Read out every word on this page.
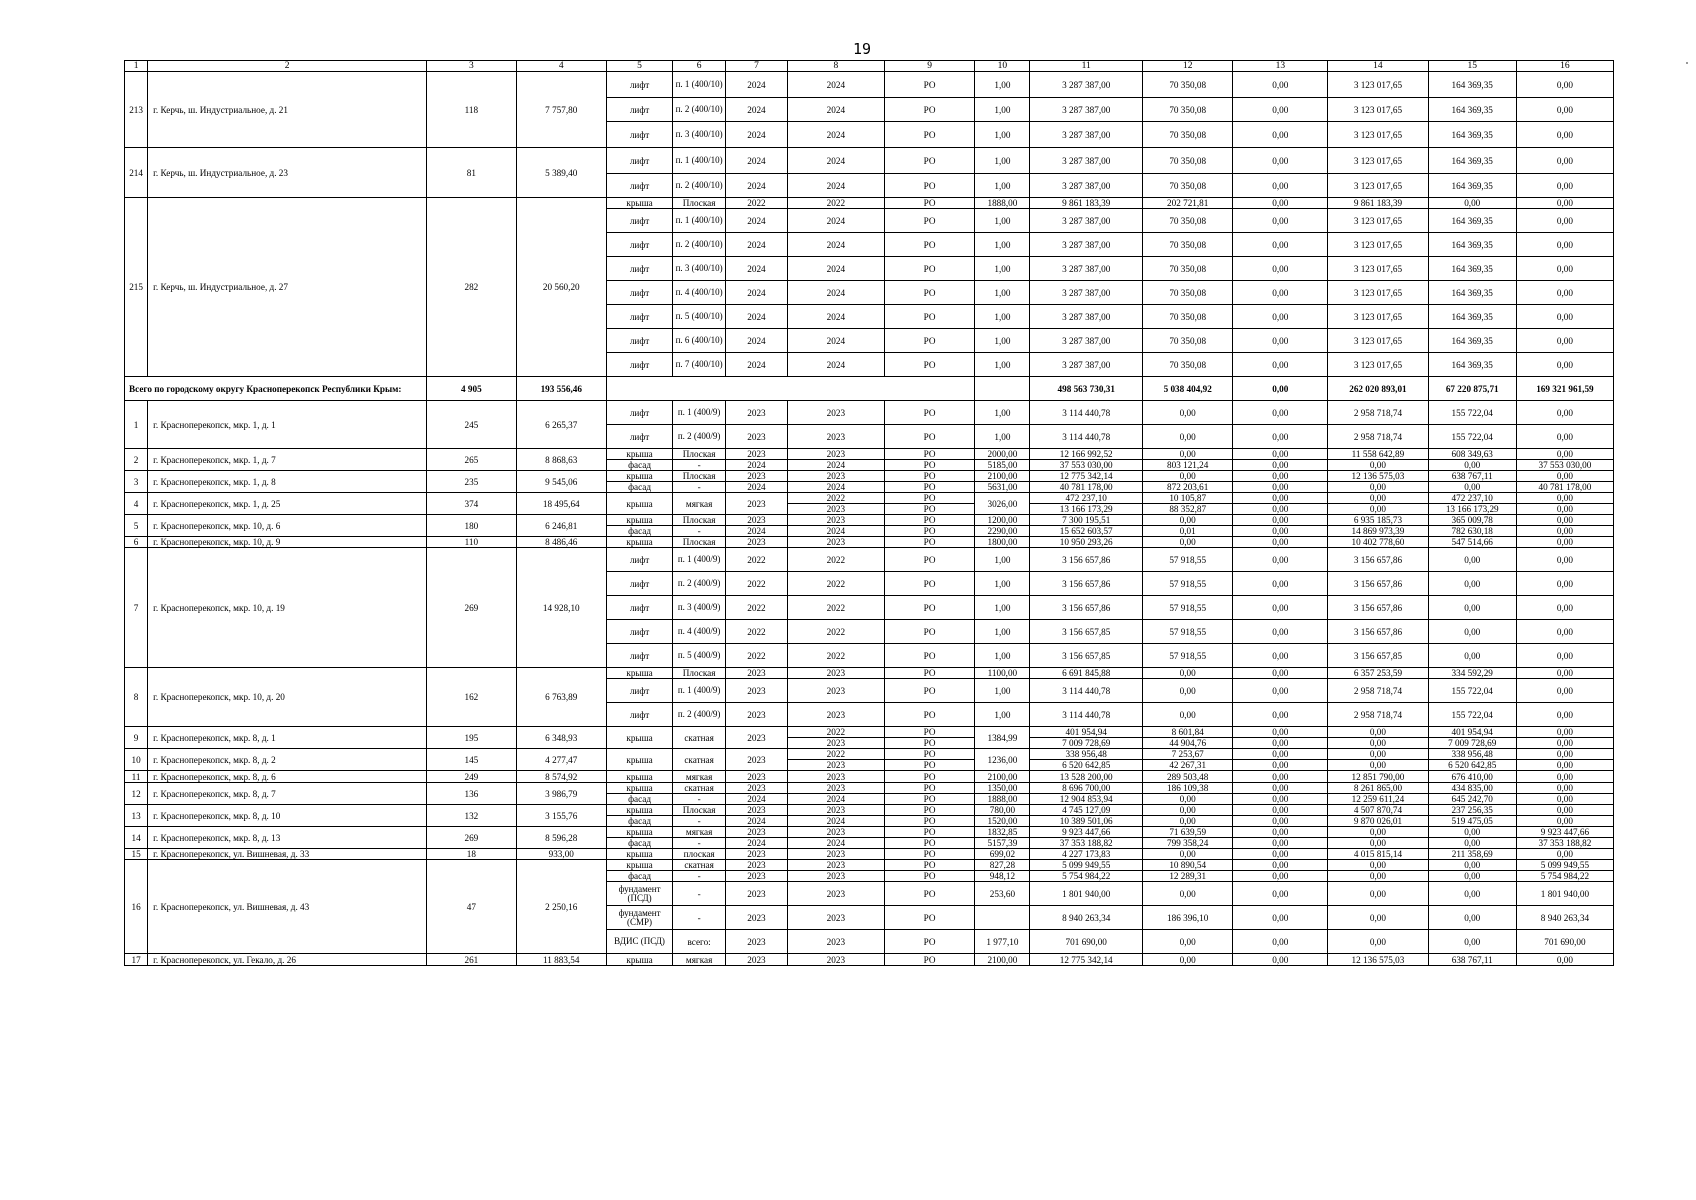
19
1	2	3	4	5	6	7	8	9	10	11	12	13	14	15	16
213	г. Керчь, ш. Индустриальное, д. 21	118	7 757,80	лифт	п. 1 (400/10)	2024	2024	РО	1,00	3 287 387,00	70 350,08	0,00	3 123 017,65	164 369,35	0,00
				лифт	п. 2 (400/10)	2024	2024	РО	1,00	3 287 387,00	70 350,08	0,00	3 123 017,65	164 369,35	0,00
				лифт	п. 3 (400/10)	2024	2024	РО	1,00	3 287 387,00	70 350,08	0,00	3 123 017,65	164 369,35	0,00
214	г. Керчь, ш. Индустриальное, д. 23	81	5 389,40	лифт	п. 1 (400/10)	2024	2024	РО	1,00	3 287 387,00	70 350,08	0,00	3 123 017,65	164 369,35	0,00
				лифт	п. 2 (400/10)	2024	2024	РО	1,00	3 287 387,00	70 350,08	0,00	3 123 017,65	164 369,35	0,00
215	г. Керчь, ш. Индустриальное, д. 27	282	20 560,20	крыша	Плоская	2022	2022	РО	1888,00	9 861 183,39	202 721,81	0,00	9 861 183,39	0,00	0,00
				лифт	п. 1 (400/10)	2024	2024	РО	1,00	3 287 387,00	70 350,08	0,00	3 123 017,65	164 369,35	0,00
				лифт	п. 2 (400/10)	2024	2024	РО	1,00	3 287 387,00	70 350,08	0,00	3 123 017,65	164 369,35	0,00
				лифт	п. 3 (400/10)	2024	2024	РО	1,00	3 287 387,00	70 350,08	0,00	3 123 017,65	164 369,35	0,00
				лифт	п. 4 (400/10)	2024	2024	РО	1,00	3 287 387,00	70 350,08	0,00	3 123 017,65	164 369,35	0,00
				лифт	п. 5 (400/10)	2024	2024	РО	1,00	3 287 387,00	70 350,08	0,00	3 123 017,65	164 369,35	0,00
				лифт	п. 6 (400/10)	2024	2024	РО	1,00	3 287 387,00	70 350,08	0,00	3 123 017,65	164 369,35	0,00
				лифт	п. 7 (400/10)	2024	2024	РО	1,00	3 287 387,00	70 350,08	0,00	3 123 017,65	164 369,35	0,00
Всего по городскому округу Красноперекопск Республики Крым:		4 905	193 556,46							498 563 730,31	5 038 404,92	0,00	262 020 893,01	67 220 875,71	169 321 961,59
1	г. Красноперекопск, мкр. 1, д. 1	245	6 265,37	лифт	п. 1 (400/9)	2023	2023	РО	1,00	3 114 440,78	0,00	0,00	2 958 718,74	155 722,04	0,00
				лифт	п. 2 (400/9)	2023	2023	РО	1,00	3 114 440,78	0,00	0,00	2 958 718,74	155 722,04	0,00
2	г. Красноперекопск, мкр. 1, д. 7	265	8 868,63	крыша	Плоская	2023	2023	РО	2000,00	12 166 992,52	0,00	0,00	11 558 642,89	608 349,63	0,00
				фасад	-	2024	2024	РО	5185,00	37 553 030,00	803 121,24	0,00	0,00	0,00	37 553 030,00
3	г. Красноперекопск, мкр. 1, д. 8	235	9 545,06	крыша	Плоская	2023	2023	РО	2100,00	12 775 342,14	0,00	0,00	12 136 575,03	638 767,11	0,00
				фасад	-	2024	2024	РО	5631,00	40 781 178,00	872 203,61	0,00	0,00	0,00	40 781 178,00
4	г. Красноперекопск, мкр. 1, д. 25	374	18 495,64	крыша	мягкая	2023	2022	РО	3026,00	472 237,10	10 105,87	0,00	0,00	472 237,10	0,00
							2023	РО		13 166 173,29	88 352,87	0,00	0,00	13 166 173,29	0,00
5	г. Красноперекопск, мкр. 10, д. 6	180	6 246,81	крыша	Плоская	2023	2023	РО	1200,00	7 300 195,51	0,00	0,00	6 935 185,73	365 009,78	0,00
				фасад	-	2024	2024	РО	2290,00	15 652 603,57	0,01	0,00	14 869 973,39	782 630,18	0,00
6	г. Красноперекопск, мкр. 10, д. 9	110	8 486,46	крыша	Плоская	2023	2023	РО	1800,00	10 950 293,26	0,00	0,00	10 402 778,60	547 514,66	0,00
7	г. Красноперекопск, мкр. 10, д. 19	269	14 928,10	лифт	п. 1 (400/9)	2022	2022	РО	1,00	3 156 657,86	57 918,55	0,00	3 156 657,86	0,00	0,00
				лифт	п. 2 (400/9)	2022	2022	РО	1,00	3 156 657,86	57 918,55	0,00	3 156 657,86	0,00	0,00
				лифт	п. 3 (400/9)	2022	2022	РО	1,00	3 156 657,86	57 918,55	0,00	3 156 657,86	0,00	0,00
				лифт	п. 4 (400/9)	2022	2022	РО	1,00	3 156 657,85	57 918,55	0,00	3 156 657,86	0,00	0,00
				лифт	п. 5 (400/9)	2022	2022	РО	1,00	3 156 657,85	57 918,55	0,00	3 156 657,85	0,00	0,00
8	г. Красноперекопск, мкр. 10, д. 20	162	6 763,89	крыша	Плоская	2023	2023	РО	1100,00	6 691 845,88	0,00	0,00	6 357 253,59	334 592,29	0,00
				лифт	п. 1 (400/9)	2023	2023	РО	1,00	3 114 440,78	0,00	0,00	2 958 718,74	155 722,04	0,00
				лифт	п. 2 (400/9)	2023	2023	РО	1,00	3 114 440,78	0,00	0,00	2 958 718,74	155 722,04	0,00
9	г. Красноперекопск, мкр. 8, д. 1	195	6 348,93	крыша	скатная	2023	2022	РО	1384,99	401 954,94	8 601,84	0,00	0,00	401 954,94	0,00
							2023	РО		7 009 728,69	44 904,76	0,00	0,00	7 009 728,69	0,00
10	г. Красноперекопск, мкр. 8, д. 2	145	4 277,47	крыша	скатная	2023	2022	РО	1236,00	338 956,48	7 253,67	0,00	0,00	338 956,48	0,00
							2023	РО		6 520 642,85	42 267,31	0,00	0,00	6 520 642,85	0,00
11	г. Красноперекопск, мкр. 8, д. 6	249	8 574,92	крыша	мягкая	2023	2023	РО	2100,00	13 528 200,00	289 503,48	0,00	12 851 790,00	676 410,00	0,00
12	г. Красноперекопск, мкр. 8, д. 7	136	3 986,79	крыша	скатная	2023	2023	РО	1350,00	8 696 700,00	186 109,38	0,00	8 261 865,00	434 835,00	0,00
				фасад	-	2024	2024	РО	1888,00	12 904 853,94	0,00	0,00	12 259 611,24	645 242,70	0,00
13	г. Красноперекопск, мкр. 8, д. 10	132	3 155,76	крыша	Плоская	2023	2023	РО	780,00	4 745 127,09	0,00	0,00	4 507 870,74	237 256,35	0,00
				фасад	-	2024	2024	РО	1520,00	10 389 501,06	0,00	0,00	9 870 026,01	519 475,05	0,00
14	г. Красноперекопск, мкр. 8, д. 13	269	8 596,28	крыша	мягкая	2023	2023	РО	1832,85	9 923 447,66	71 639,59	0,00	0,00	0,00	9 923 447,66
				фасад	-	2024	2024	РО	5157,39	37 353 188,82	799 358,24	0,00	0,00	0,00	37 353 188,82
15	г. Красноперекопск, ул. Вишневая, д. 33	18	933,00	крыша	плоская	2023	2023	РО	699,02	4 227 173,83	0,00	0,00	4 015 815,14	211 358,69	0,00
16	г. Красноперекопск, ул. Вишневая, д. 43	47	2 250,16	крыша	скатная	2023	2023	РО	827,28	5 099 949,55	10 890,54	0,00	0,00	0,00	5 099 949,55
				фасад	-	2023	2023	РО	948,12	5 754 984,22	12 289,31	0,00	0,00	0,00	5 754 984,22
				фундамент (ПСД)	-	2023	2023	РО	253,60	1 801 940,00	0,00	0,00	0,00	0,00	1 801 940,00
				фундамент (СМР)	-	2023	2023	РО		8 940 263,34	186 396,10	0,00	0,00	0,00	8 940 263,34
				ВДИС (ПСД)	всего:	2023	2023	РО	1 977,10	701 690,00	0,00	0,00	0,00	0,00	701 690,00
17	г. Красноперекопск, ул. Гекало, д. 26	261	11 883,54	крыша	мягкая	2023	2023	РО	2100,00	12 775 342,14	0,00	0,00	12 136 575,03	638 767,11	0,00
